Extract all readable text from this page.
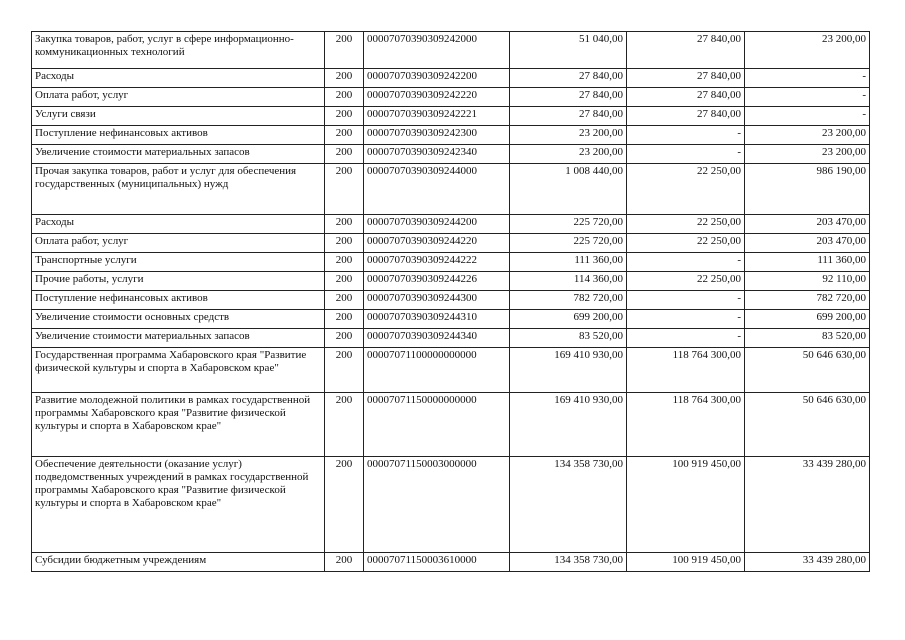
Закупка товаров, работ, услуг в сфере информационно-коммуникационных технологий	200	00007070390309242000	51 040,00	27 840,00	23 200,00
Расходы	200	00007070390309242200	27 840,00	27 840,00	-
Оплата работ, услуг	200	00007070390309242220	27 840,00	27 840,00	-
Услуги связи	200	00007070390309242221	27 840,00	27 840,00	-
Поступление нефинансовых активов	200	00007070390309242300	23 200,00	-	23 200,00
Увеличение стоимости материальных запасов	200	00007070390309242340	23 200,00	-	23 200,00
Прочая закупка товаров, работ и услуг для обеспечения государственных (муниципальных) нужд	200	00007070390309244000	1 008 440,00	22 250,00	986 190,00
Расходы	200	00007070390309244200	225 720,00	22 250,00	203 470,00
Оплата работ, услуг	200	00007070390309244220	225 720,00	22 250,00	203 470,00
Транспортные услуги	200	00007070390309244222	111 360,00	-	111 360,00
Прочие работы, услуги	200	00007070390309244226	114 360,00	22 250,00	92 110,00
Поступление нефинансовых активов	200	00007070390309244300	782 720,00	-	782 720,00
Увеличение стоимости основных средств	200	00007070390309244310	699 200,00	-	699 200,00
Увеличение стоимости материальных запасов	200	00007070390309244340	83 520,00	-	83 520,00
Государственная программа Хабаровского края "Развитие физической культуры и спорта в Хабаровском крае"	200	00007071100000000000	169 410 930,00	118 764 300,00	50 646 630,00
Развитие молодежной политики в рамках государственной программы Хабаровского края "Развитие физической культуры и спорта в Хабаровском крае"	200	00007071150000000000	169 410 930,00	118 764 300,00	50 646 630,00
Обеспечение деятельности (оказание услуг) подведомственных учреждений в рамках государственной программы Хабаровского края "Развитие физической культуры и спорта в Хабаровском крае"	200	00007071150003000000	134 358 730,00	100 919 450,00	33 439 280,00
Субсидии бюджетным учреждениям	200	00007071150003610000	134 358 730,00	100 919 450,00	33 439 280,00
